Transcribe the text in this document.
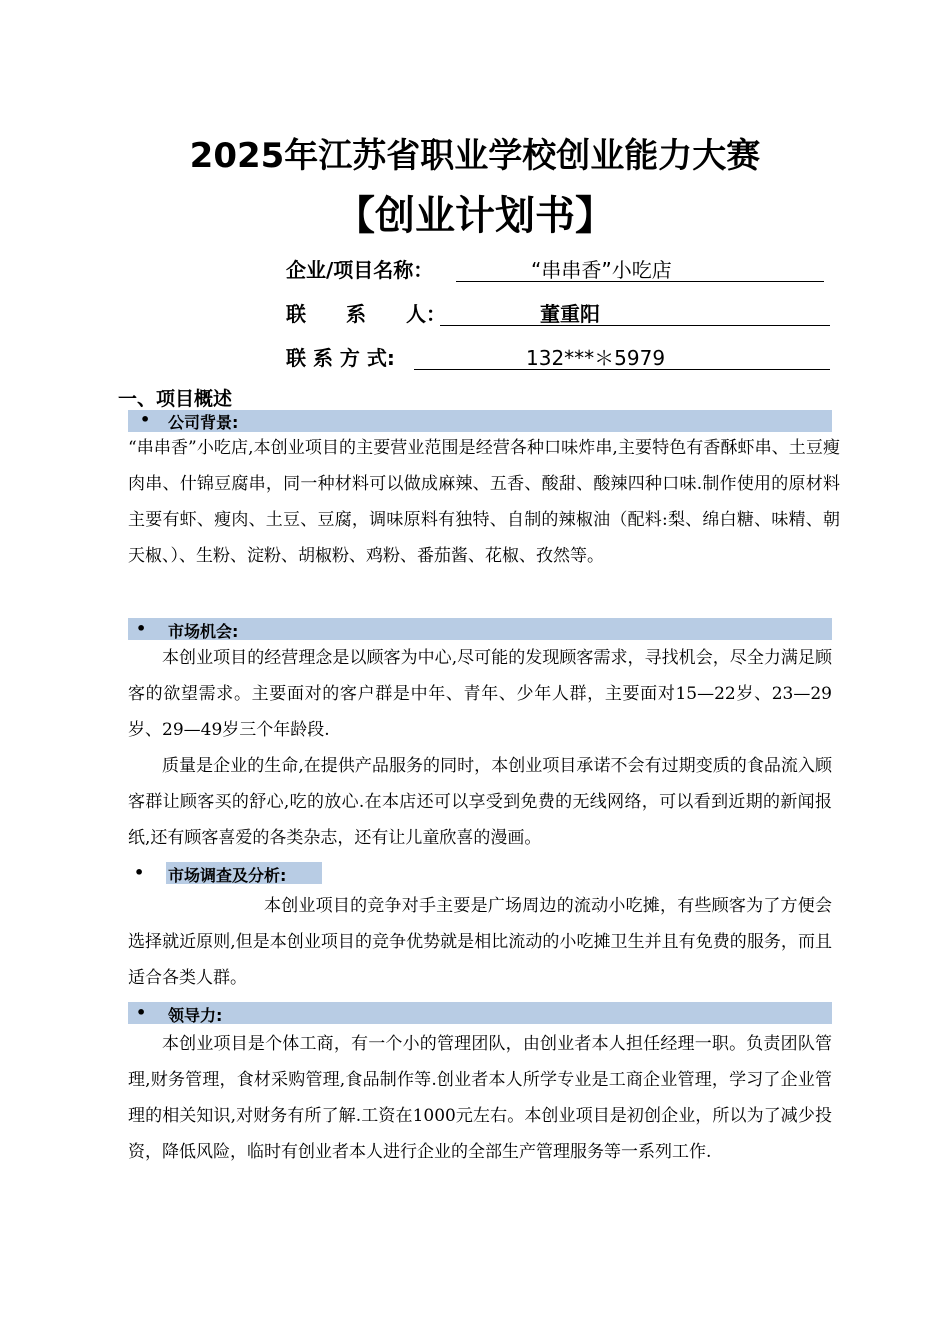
2025年江苏省职业学校创业能力大赛
【创业计划书】
企业/项目名称：	“串串香”小吃店
联　　系　　人：	董重阳
联 系 方 式:	132***＊5979
一、项目概述
• 公司背景:
“串串香”小吃店,本创业项目的主要营业范围是经营各种口味炸串,主要特色有香酥虾串、土豆瘦肉串、什锦豆腐串，同一种材料可以做成麻辣、五香、酸甜、酸辣四种口味.制作使用的原材料主要有虾、瘦肉、土豆、豆腐，调味原料有独特、自制的辣椒油（配料:梨、绵白糖、味精、朝天椒、）、生粉、淀粉、胡椒粉、鸡粉、番茄酱、花椒、孜然等。
• 市场机会:
本创业项目的经营理念是以顾客为中心,尽可能的发现顾客需求，寻找机会，尽全力满足顾客的欲望需求。主要面对的客户群是中年、青年、少年人群，主要面对15—22岁、23—29岁、29—49岁三个年龄段.
质量是企业的生命,在提供产品服务的同时，本创业项目承诺不会有过期变质的食品流入顾客群让顾客买的舒心,吃的放心.在本店还可以享受到免费的无线网络，可以看到近期的新闻报纸,还有顾客喜爱的各类杂志，还有让儿童欣喜的漫画。
• 市场调查及分析:
本创业项目的竞争对手主要是广场周边的流动小吃摊，有些顾客为了方便会选择就近原则,但是本创业项目的竞争优势就是相比流动的小吃摊卫生并且有免费的服务，而且适合各类人群。
• 领导力:
本创业项目是个体工商，有一个小的管理团队，由创业者本人担任经理一职。负责团队管理,财务管理，食材采购管理,食品制作等.创业者本人所学专业是工商企业管理，学习了企业管理的相关知识,对财务有所了解.工资在1000元左右。本创业项目是初创企业，所以为了减少投资，降低风险，临时有创业者本人进行企业的全部生产管理服务等一系列工作.
